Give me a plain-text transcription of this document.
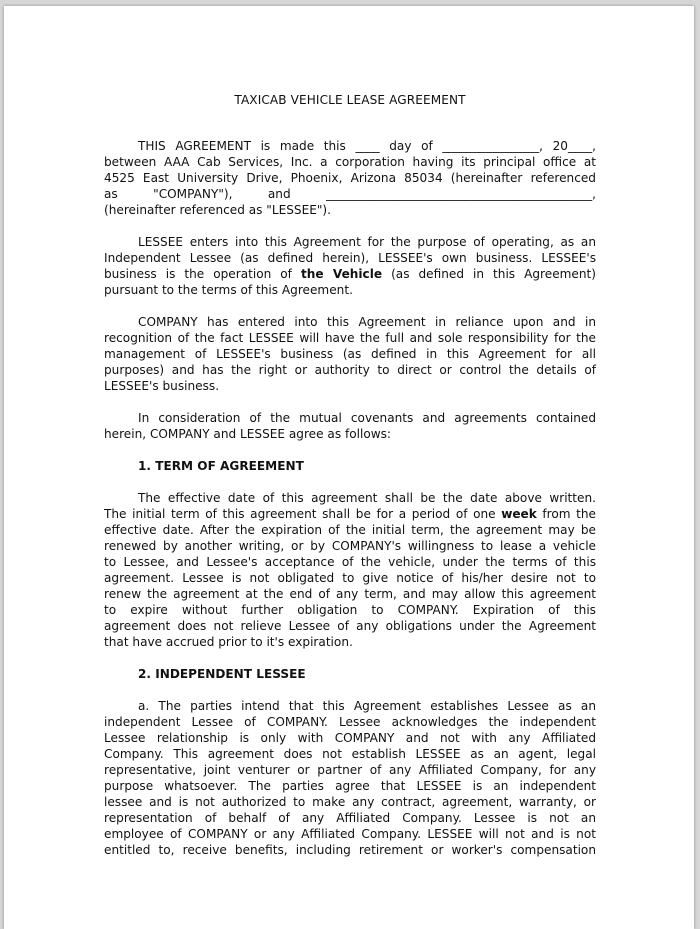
TAXICAB VEHICLE LEASE AGREEMENT

THIS AGREEMENT is made this ____ day of ________________, 20____,
between AAA Cab Services, Inc. a corporation having its principal office at
4525 East University Drive, Phoenix, Arizona 85034 (hereinafter referenced
as "COMPANY"), and ____________________________________________,
(hereinafter referenced as "LESSEE").

LESSEE enters into this Agreement for the purpose of operating, as an
Independent Lessee (as defined herein), LESSEE's own business. LESSEE's
business is the operation of the Vehicle (as defined in this Agreement)
pursuant to the terms of this Agreement.

COMPANY has entered into this Agreement in reliance upon and in
recognition of the fact LESSEE will have the full and sole responsibility for the
management of LESSEE's business (as defined in this Agreement for all
purposes) and has the right or authority to direct or control the details of
LESSEE's business.

In consideration of the mutual covenants and agreements contained
herein, COMPANY and LESSEE agree as follows:

1. TERM OF AGREEMENT

The effective date of this agreement shall be the date above written.
The initial term of this agreement shall be for a period of one week from the
effective date. After the expiration of the initial term, the agreement may be
renewed by another writing, or by COMPANY's willingness to lease a vehicle
to Lessee, and Lessee's acceptance of the vehicle, under the terms of this
agreement. Lessee is not obligated to give notice of his/her desire not to
renew the agreement at the end of any term, and may allow this agreement
to expire without further obligation to COMPANY. Expiration of this
agreement does not relieve Lessee of any obligations under the Agreement
that have accrued prior to it's expiration.

2. INDEPENDENT LESSEE

a. The parties intend that this Agreement establishes Lessee as an
independent Lessee of COMPANY. Lessee acknowledges the independent
Lessee relationship is only with COMPANY and not with any Affiliated
Company. This agreement does not establish LESSEE as an agent, legal
representative, joint venturer or partner of any Affiliated Company, for any
purpose whatsoever. The parties agree that LESSEE is an independent
lessee and is not authorized to make any contract, agreement, warranty, or
representation of behalf of any Affiliated Company. Lessee is not an
employee of COMPANY or any Affiliated Company. LESSEE will not and is not
entitled to, receive benefits, including retirement or worker's compensation
